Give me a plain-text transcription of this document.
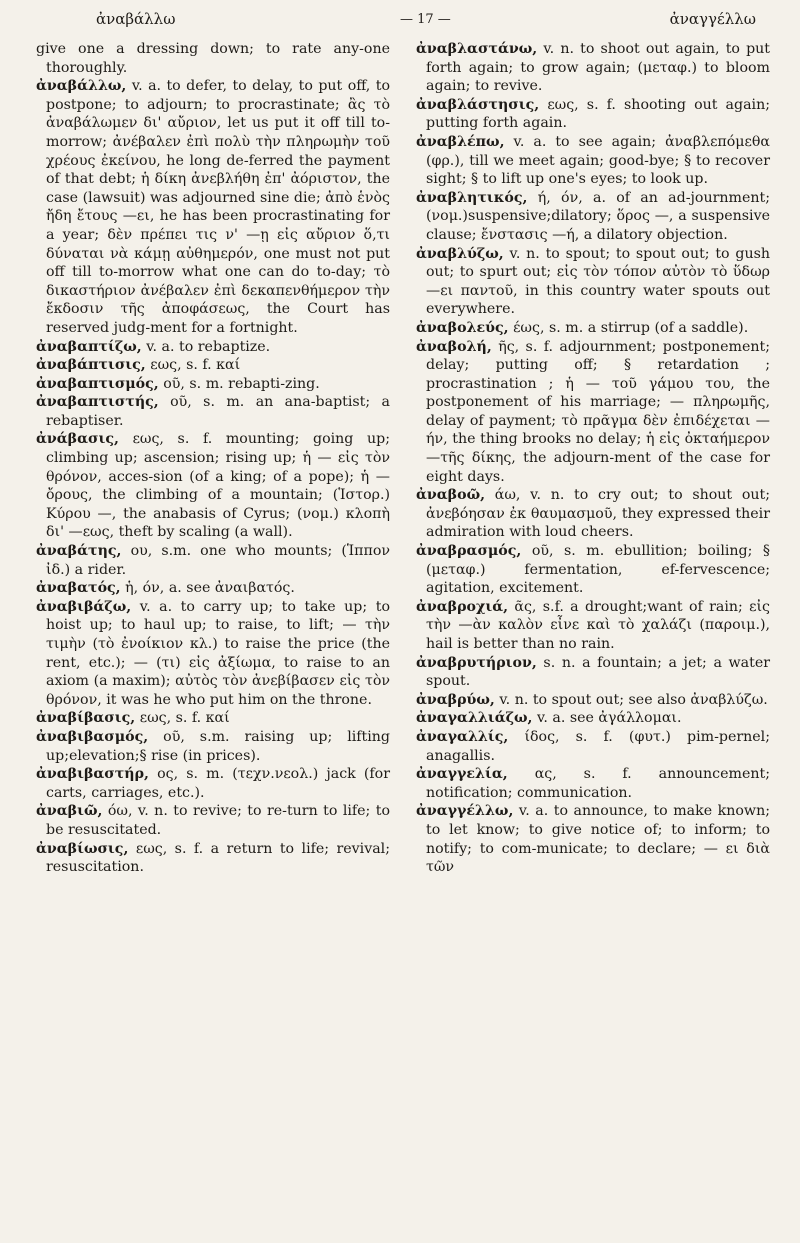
ἀναβάλλω	— 17 —	ἀναγγέλλω
give one a dressing down; to rate any-one thoroughly.
ἀναβάλλω, v. a. to defer, to delay, to put off, to postpone; to adjourn; to procrastinate; ἂς τὸ ἀναβάλωμεν δι' αὔριον, let us put it off till to-morrow; ἀνέβαλεν ἐπὶ πολὺ τὴν πληρωμὴν τοῦ χρέους ἐκείνου, he long de-ferred the payment of that debt; ἡ δίκη ἀνεβλήθη ἐπ' ἀόριστον, the case (lawsuit) was adjourned sine die; ἀπὸ ἑνὸς ἤδη ἔτους —ει, he has been procrastinating for a year; δὲν πρέπει τις ν' —ῃ εἰς αὔριον ὅ,τι δύναται νὰ κάμῃ αὐθημερόν, one must not put off till to-morrow what one can do to-day; τὸ δικαστήριον ἀνέβαλεν ἐπὶ δεκαπενθήμερον τὴν ἔκδοσιν τῆς ἀποφάσεως, the Court has reserved judg-ment for a fortnight.
ἀναβαπτίζω, v. a. to rebaptize.
ἀναβάπτισις, εως, s. f. καί
ἀναβαπτισμός, οῦ, s. m. rebapti-zing.
ἀναβαπτιστής, οῦ, s. m. an ana-baptist; a rebaptiser.
ἀνάβασις, εως, s. f. mounting; going up; climbing up; ascension; rising up; ἡ — εἰς τὸν θρόνον, acces-sion (of a king; of a pope); ἡ — ὄρους, the climbing of a mountain; (Ἱστορ.) Κύρου —, the anabasis of Cyrus; (νομ.) κλοπὴ δι' —εως, theft by scaling (a wall).
ἀναβάτης, ου, s.m. one who mounts; (Ἱππον ἰδ.) a rider.
ἀναβατός, ἡ, όν, a. see ἀναιβατός.
ἀναβιβάζω, v. a. to carry up; to take up; to hoist up; to haul up; to raise, to lift; — τὴν τιμὴν (τὸ ἐνοίκιον κλ.) to raise the price (the rent, etc.); — (τι) εἰς ἀξίωμα, to raise to an axiom (a maxim); αὐτὸς τὸν ἀνεβίβασεν εἰς τὸν θρόνον, it was he who put him on the throne.
ἀναβίβασις, εως, s. f. καί
ἀναβιβασμός, οῦ, s.m. raising up; lifting up;elevation;§ rise (in prices).
ἀναβιβαστήρ, ος, s. m. (τεχν.νεολ.) jack (for carts, carriages, etc.).
ἀναβιῶ, όω, v. n. to revive; to re-turn to life; to be resuscitated.
ἀναβίωσις, εως, s. f. a return to life; revival; resuscitation.
ἀναβλαστάνω, v. n. to shoot out again, to put forth again; to grow again; (μεταφ.) to bloom again; to revive.
ἀναβλάστησις, εως, s. f. shooting out again; putting forth again.
ἀναβλέπω, v. a. to see again; ἀναβλεπόμεθα (φρ.), till we meet again; good-bye; § to recover sight; § to lift up one's eyes; to look up.
ἀναβλητικός, ή, όν, a. of an ad-journment;(νομ.)suspensive;dilatory; ὅρος —, a suspensive clause; ἔνστασις —ή, a dilatory objection.
ἀναβλύζω, v. n. to spout; to spout out; to gush out; to spurt out; εἰς τὸν τόπον αὐτὸν τὸ ὕδωρ —ει παντοῦ, in this country water spouts out everywhere.
ἀναβολεύς, έως, s. m. a stirrup (of a saddle).
ἀναβολή, ῆς, s. f. adjournment; postponement; delay; putting off; § retardation ; procrastination ; ἡ — τοῦ γάμου του, the postponement of his marriage; — πληρωμῆς, delay of payment; τὸ πρᾶγμα δὲν ἐπιδέχεται —ήν, the thing brooks no delay; ἡ εἰς ὀκταήμερον —τῆς δίκης, the adjourn-ment of the case for eight days.
ἀναβοῶ, άω, v. n. to cry out; to shout out; ἀνεβόησαν ἐκ θαυμασμοῦ, they expressed their admiration with loud cheers.
ἀναβρασμός, οῦ, s. m. ebullition; boiling; § (μεταφ.) fermentation, ef-fervescence; agitation, excitement.
ἀναβροχιά, ᾶς, s.f. a drought;want of rain; εἰς τὴν —ὰν καλὸν εἶνε καὶ τὸ χαλάζι (παροιμ.), hail is better than no rain.
ἀναβρυτήριον, s. n. a fountain; a jet; a water spout.
ἀναβρύω, v. n. to spout out; see also ἀναβλύζω.
ἀναγαλλιάζω, v. a. see ἀγάλλομαι.
ἀναγαλλίς, ίδος, s. f. (φυτ.) pim-pernel; anagallis.
ἀναγγελία, ας, s. f. announcement; notification; communication.
ἀναγγέλλω, v. a. to announce, to make known; to let know; to give notice of; to inform; to notify; to com-municate; to declare; — ει διὰ τῶν
